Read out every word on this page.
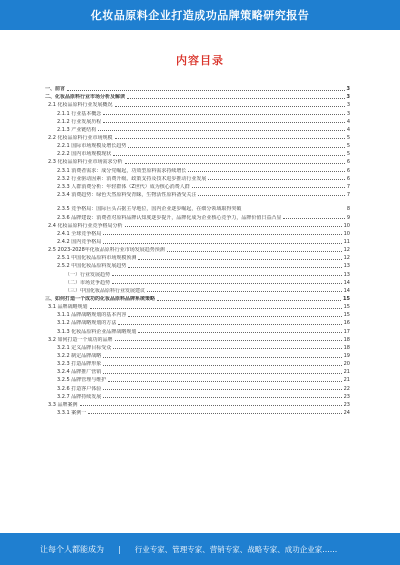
化妆品原料企业打造成功品牌策略研究报告
内容目录
一、前言	3
二、化妆品原料行业市场分析及解读	3
2.1 化妆品原料行业发展概况	3
2.1.1 行业基本概念	3
2.1.2 行业发展历程	4
2.1.3 产业链结构	4
2.2 化妆品原料行业市场规模	5
2.2.1 国际市场规模及增长趋势	5
2.2.2 国内市场规模现状	5
2.3 化妆品原料行业市场需求分析	6
2.3.1 消费者需求：成分党崛起，功效型原料需求持续增长	6
2.3.2 行业驱动因素：消费升级、政策支持及技术进步推动行业发展	6
2.3.3 人群消费分析：年轻群体（Z世代）成为核心消费人群	7
2.3.4 消费趋势：绿色天然原料受青睐，生物活性原料备受关注	7
2.3.5 竞争格局：国际巨头占据主导地位，国内企业逐步崛起，在细分领域取得突破	8
2.3.6 品牌建设：消费者对原料品牌认知度逐步提升，品牌化成为企业核心竞争力，品牌价值日益凸显	9
2.4 化妆品原料行业竞争格局分析	10
2.4.1 全球竞争格局	10
2.4.2 国内竞争格局	11
2.5 2023-2028年化妆品原料行业市场发展趋势预测	12
2.5.1 中国化妆品原料市场规模预测	12
2.5.2 中国化妆品原料发展趋势	13
（一）行业发展趋势	13
（二）市场竞争趋势	14
（三）中国化妆品原料行业发展建议	14
三、如何打造一个成功的化妆品原料品牌系统策略	15
3.1 品牌战略规划	15
3.1.1 品牌战略规划的基本内容	15
3.1.2 品牌战略规划的方法	16
3.1.3 化妆品原料企业品牌战略规划	17
3.2 如何打造一个成功的品牌	18
3.2.1 定义品牌目标受众	18
3.2.2 制定品牌战略	19
3.2.3 打造品牌形象	20
3.2.4 品牌推广营销	21
3.2.5 品牌管理与维护	21
3.2.6 打造客户体验	22
3.2.7 品牌持续发展	23
3.3 品牌案例	23
3.3.1 案例一	24
让每个人都能成为 | 行业专家、管理专家、营销专家、战略专家、成功企业家……
